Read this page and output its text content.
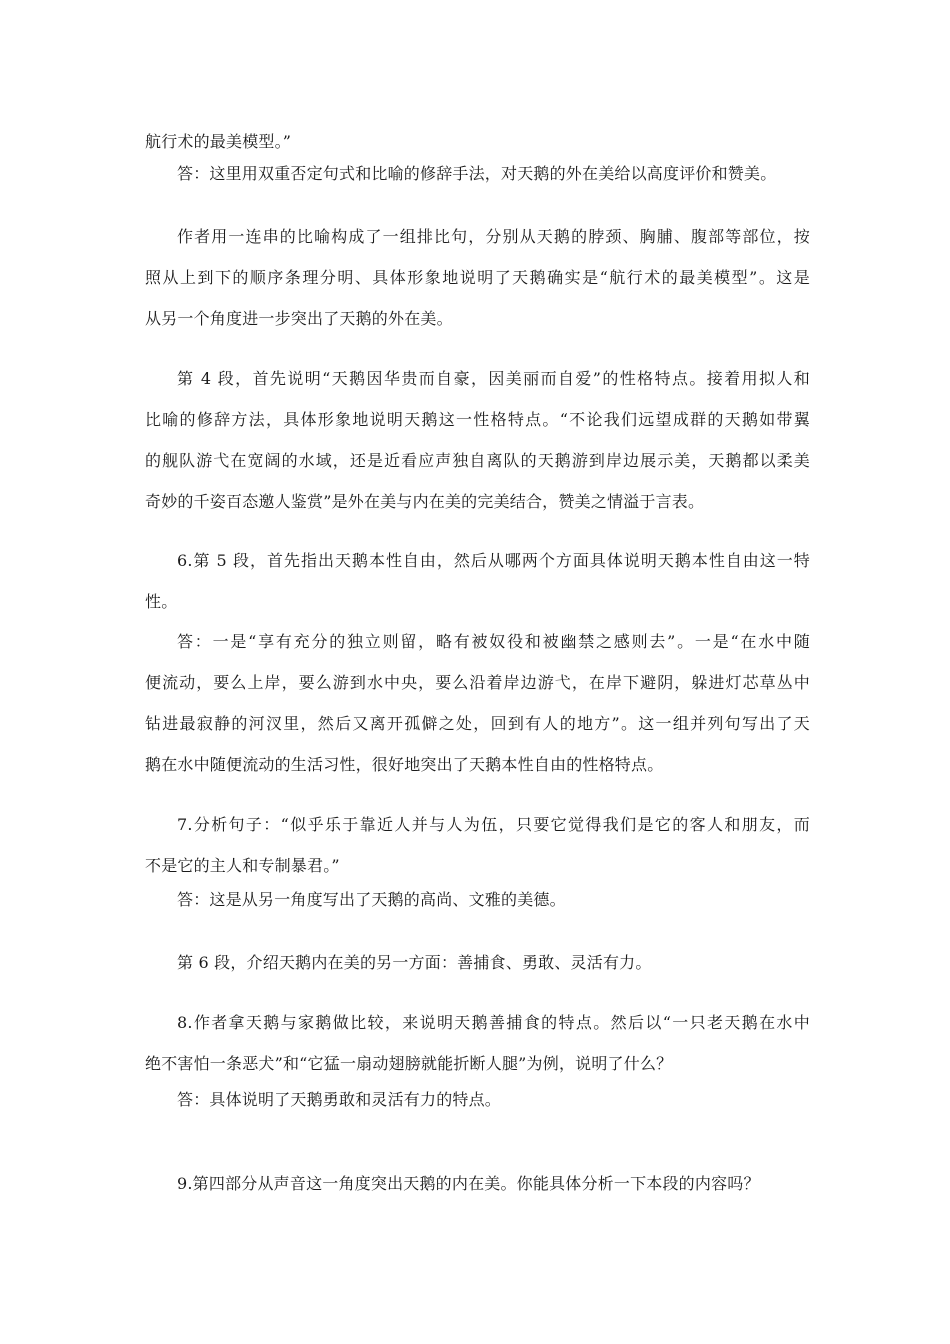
航行术的最美模型。”
答：这里用双重否定句式和比喻的修辞手法，对天鹅的外在美给以高度评价和赞美。
作者用一连串的比喻构成了一组排比句，分别从天鹅的脖颈、胸脯、腹部等部位，按
照从上到下的顺序条理分明、具体形象地说明了天鹅确实是“航行术的最美模型”。这是
从另一个角度进一步突出了天鹅的外在美。
第 4 段，首先说明“天鹅因华贵而自豪，因美丽而自爱”的性格特点。接着用拟人和
比喻的修辞方法，具体形象地说明天鹅这一性格特点。“不论我们远望成群的天鹅如带翼
的舰队游弋在宽阔的水域，还是近看应声独自离队的天鹅游到岸边展示美，天鹅都以柔美
奇妙的千姿百态邀人鉴赏”是外在美与内在美的完美结合，赞美之情溢于言表。
6.第 5 段，首先指出天鹅本性自由，然后从哪两个方面具体说明天鹅本性自由这一特
性。
答：一是“享有充分的独立则留，略有被奴役和被幽禁之感则去”。一是“在水中随
便流动，要么上岸，要么游到水中央，要么沿着岸边游弋，在岸下避阴，躲进灯芯草丛中
钻进最寂静的河汊里，然后又离开孤僻之处，回到有人的地方”。这一组并列句写出了天
鹅在水中随便流动的生活习性，很好地突出了天鹅本性自由的性格特点。
7.分析句子：“似乎乐于靠近人并与人为伍，只要它觉得我们是它的客人和朋友，而
不是它的主人和专制暴君。”
答：这是从另一角度写出了天鹅的高尚、文雅的美德。
第 6 段，介绍天鹅内在美的另一方面：善捕食、勇敢、灵活有力。
8.作者拿天鹅与家鹅做比较，来说明天鹅善捕食的特点。然后以“一只老天鹅在水中
绝不害怕一条恶犬”和“它猛一扇动翅膀就能折断人腿”为例，说明了什么？
答：具体说明了天鹅勇敢和灵活有力的特点。
9.第四部分从声音这一角度突出天鹅的内在美。你能具体分析一下本段的内容吗？
